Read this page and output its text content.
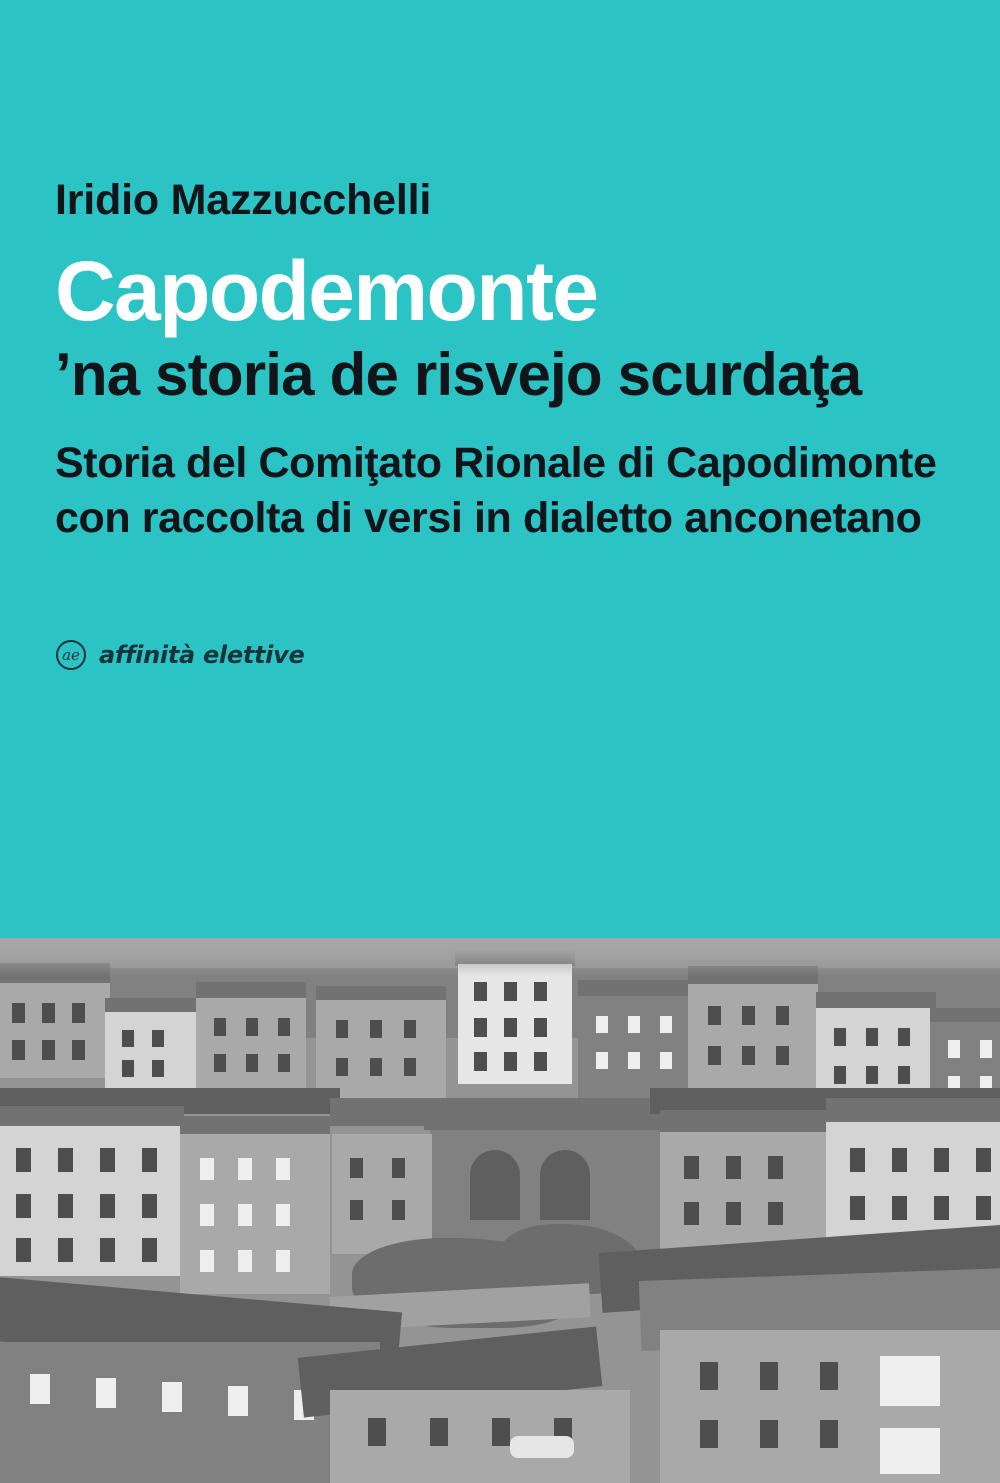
Iridio Mazzucchelli
Capodemonte
’na storia de risvejo scurdaţa
Storia del Comiţato Rionale di Capodimonte
con raccolta di versi in dialetto anconetano
ae affinità elettive
